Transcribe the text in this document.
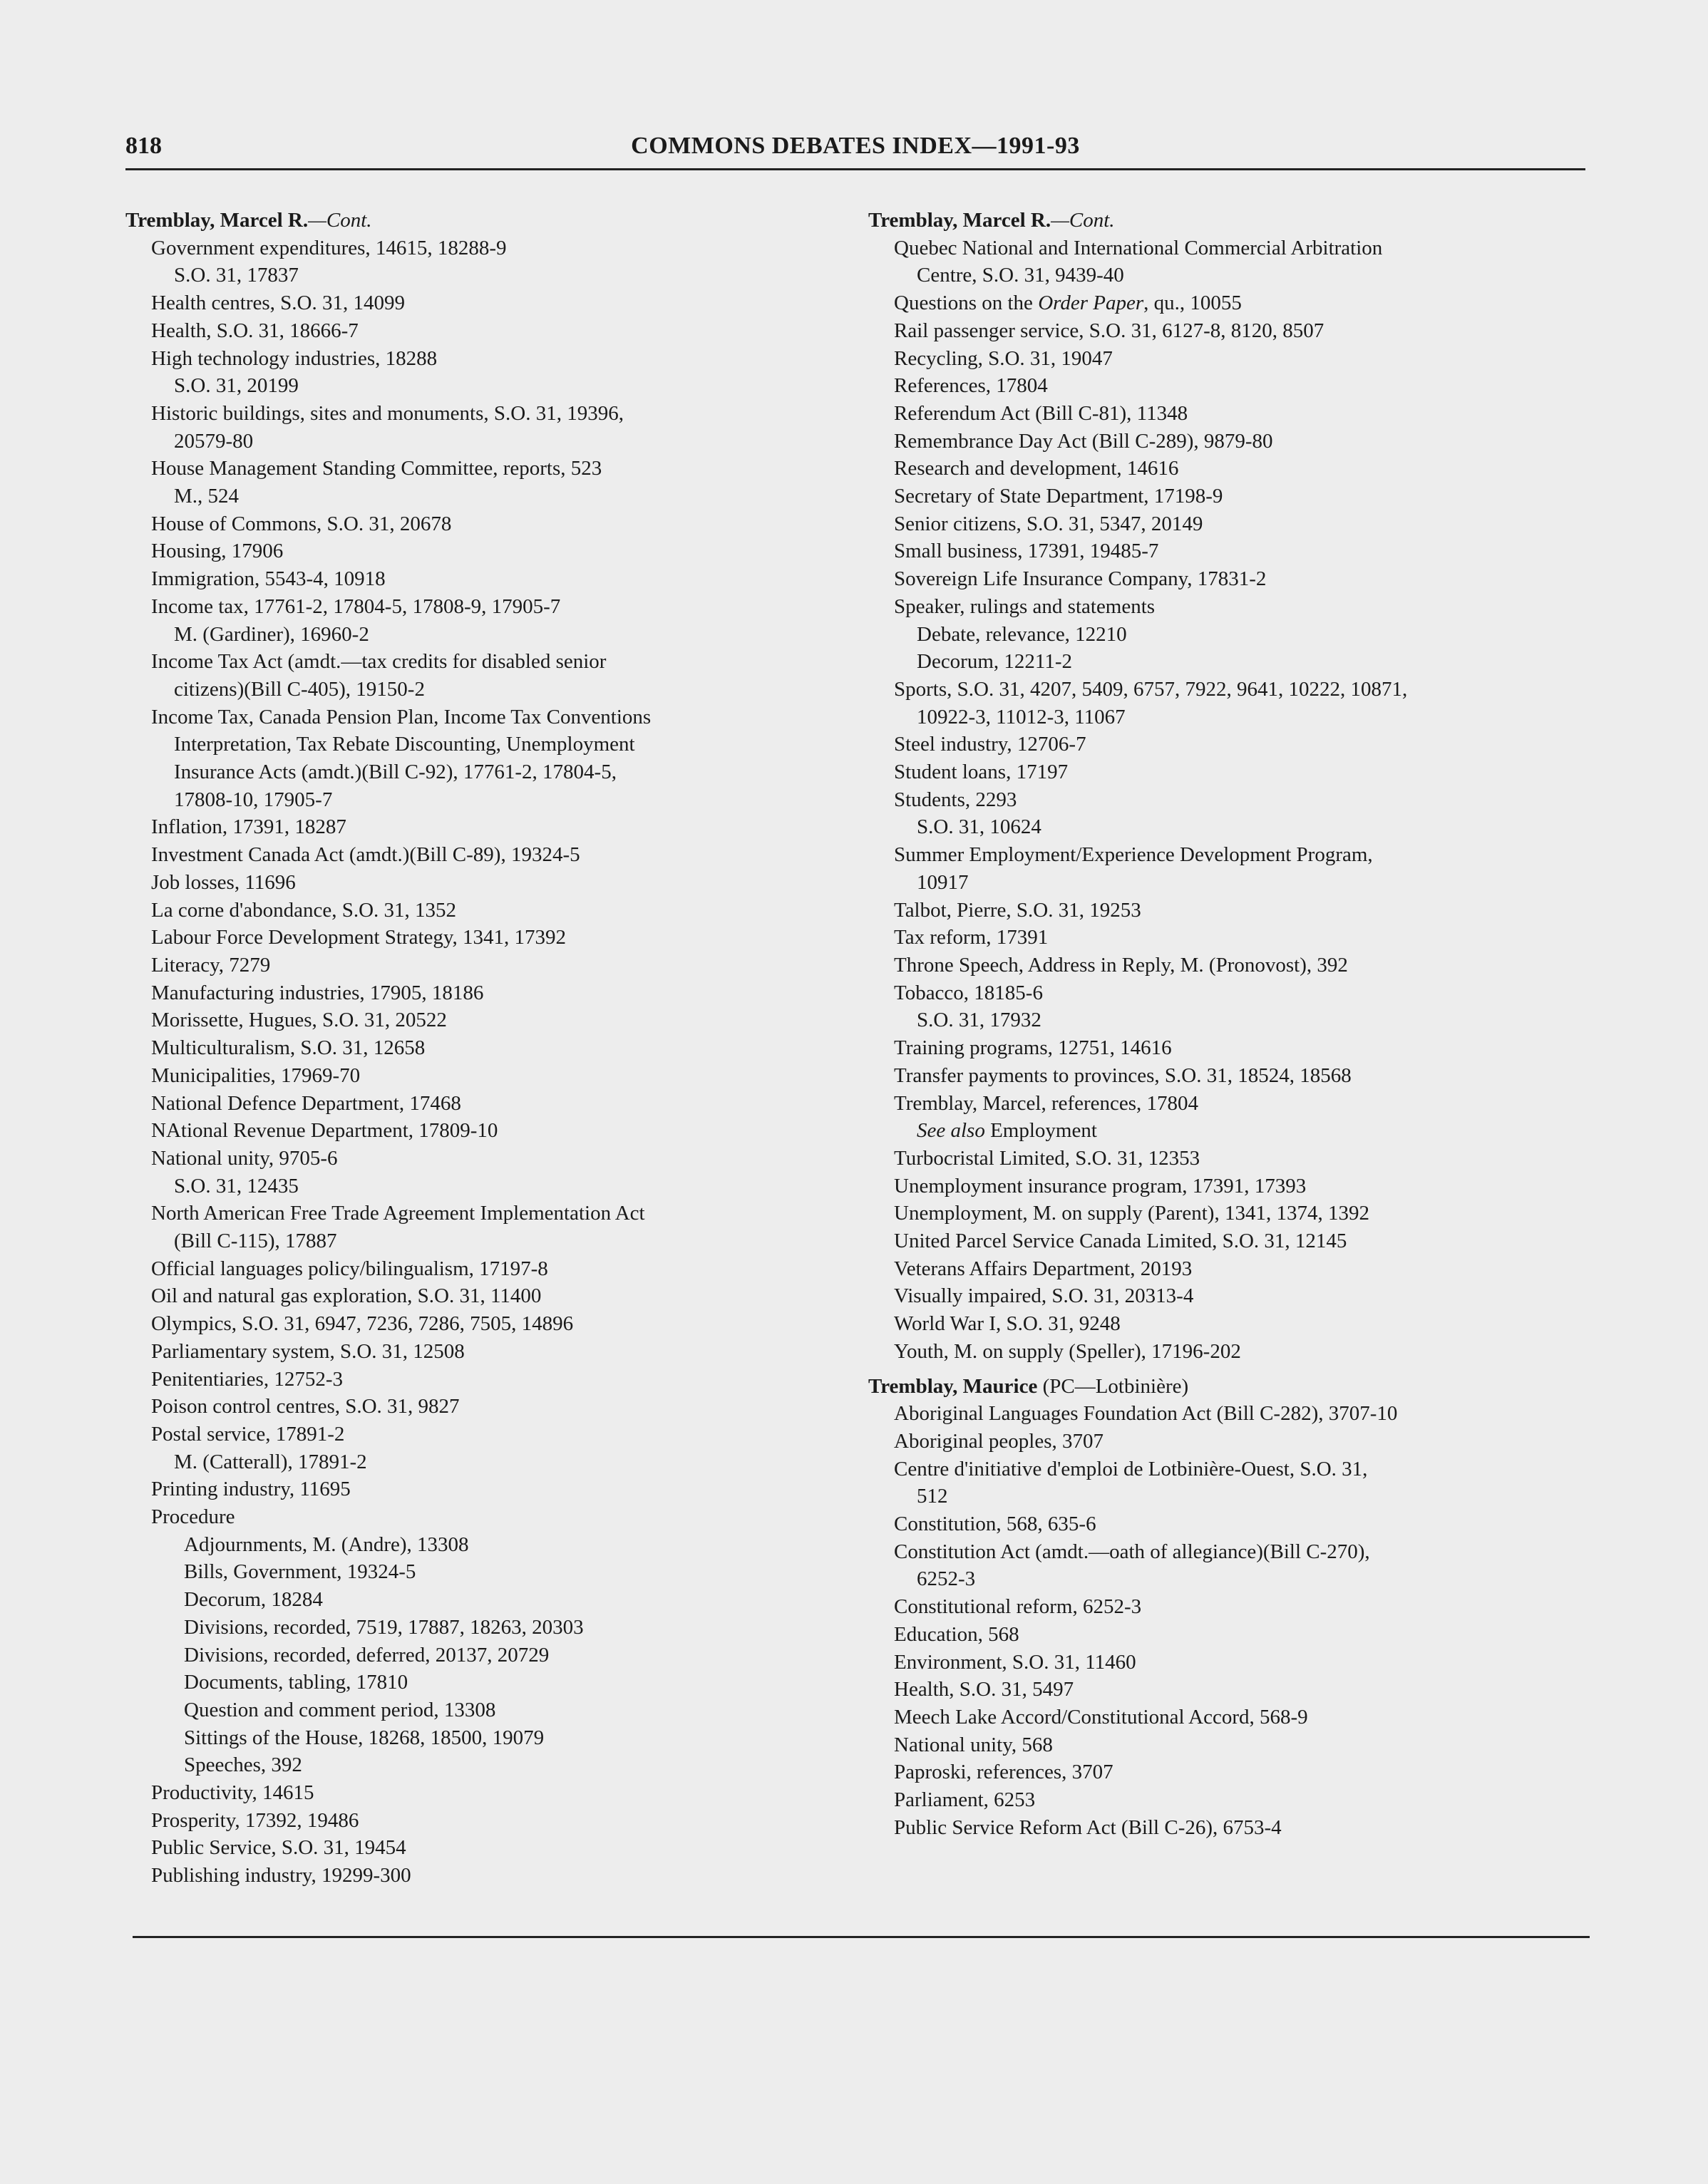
818	COMMONS DEBATES INDEX—1991-93
Tremblay, Marcel R.—Cont.
Government expenditures, 14615, 18288-9
S.O. 31, 17837
Health centres, S.O. 31, 14099
Health, S.O. 31, 18666-7
High technology industries, 18288
S.O. 31, 20199
Historic buildings, sites and monuments, S.O. 31, 19396,
20579-80
House Management Standing Committee, reports, 523
M., 524
House of Commons, S.O. 31, 20678
Housing, 17906
Immigration, 5543-4, 10918
Income tax, 17761-2, 17804-5, 17808-9, 17905-7
M. (Gardiner), 16960-2
Income Tax Act (amdt.—tax credits for disabled senior
citizens)(Bill C-405), 19150-2
Income Tax, Canada Pension Plan, Income Tax Conventions
Interpretation, Tax Rebate Discounting, Unemployment
Insurance Acts (amdt.)(Bill C-92), 17761-2, 17804-5,
17808-10, 17905-7
Inflation, 17391, 18287
Investment Canada Act (amdt.)(Bill C-89), 19324-5
Job losses, 11696
La corne d'abondance, S.O. 31, 1352
Labour Force Development Strategy, 1341, 17392
Literacy, 7279
Manufacturing industries, 17905, 18186
Morissette, Hugues, S.O. 31, 20522
Multiculturalism, S.O. 31, 12658
Municipalities, 17969-70
National Defence Department, 17468
NAtional Revenue Department, 17809-10
National unity, 9705-6
S.O. 31, 12435
North American Free Trade Agreement Implementation Act
(Bill C-115), 17887
Official languages policy/bilingualism, 17197-8
Oil and natural gas exploration, S.O. 31, 11400
Olympics, S.O. 31, 6947, 7236, 7286, 7505, 14896
Parliamentary system, S.O. 31, 12508
Penitentiaries, 12752-3
Poison control centres, S.O. 31, 9827
Postal service, 17891-2
M. (Catterall), 17891-2
Printing industry, 11695
Procedure
Adjournments, M. (Andre), 13308
Bills, Government, 19324-5
Decorum, 18284
Divisions, recorded, 7519, 17887, 18263, 20303
Divisions, recorded, deferred, 20137, 20729
Documents, tabling, 17810
Question and comment period, 13308
Sittings of the House, 18268, 18500, 19079
Speeches, 392
Productivity, 14615
Prosperity, 17392, 19486
Public Service, S.O. 31, 19454
Publishing industry, 19299-300
Tremblay, Marcel R.—Cont.
Quebec National and International Commercial Arbitration
Centre, S.O. 31, 9439-40
Questions on the Order Paper, qu., 10055
Rail passenger service, S.O. 31, 6127-8, 8120, 8507
Recycling, S.O. 31, 19047
References, 17804
Referendum Act (Bill C-81), 11348
Remembrance Day Act (Bill C-289), 9879-80
Research and development, 14616
Secretary of State Department, 17198-9
Senior citizens, S.O. 31, 5347, 20149
Small business, 17391, 19485-7
Sovereign Life Insurance Company, 17831-2
Speaker, rulings and statements
Debate, relevance, 12210
Decorum, 12211-2
Sports, S.O. 31, 4207, 5409, 6757, 7922, 9641, 10222, 10871,
10922-3, 11012-3, 11067
Steel industry, 12706-7
Student loans, 17197
Students, 2293
S.O. 31, 10624
Summer Employment/Experience Development Program,
10917
Talbot, Pierre, S.O. 31, 19253
Tax reform, 17391
Throne Speech, Address in Reply, M. (Pronovost), 392
Tobacco, 18185-6
S.O. 31, 17932
Training programs, 12751, 14616
Transfer payments to provinces, S.O. 31, 18524, 18568
Tremblay, Marcel, references, 17804
See also Employment
Turbocristal Limited, S.O. 31, 12353
Unemployment insurance program, 17391, 17393
Unemployment, M. on supply (Parent), 1341, 1374, 1392
United Parcel Service Canada Limited, S.O. 31, 12145
Veterans Affairs Department, 20193
Visually impaired, S.O. 31, 20313-4
World War I, S.O. 31, 9248
Youth, M. on supply (Speller), 17196-202
Tremblay, Maurice (PC—Lotbinière)
Aboriginal Languages Foundation Act (Bill C-282), 3707-10
Aboriginal peoples, 3707
Centre d'initiative d'emploi de Lotbinière-Ouest, S.O. 31,
512
Constitution, 568, 635-6
Constitution Act (amdt.—oath of allegiance)(Bill C-270),
6252-3
Constitutional reform, 6252-3
Education, 568
Environment, S.O. 31, 11460
Health, S.O. 31, 5497
Meech Lake Accord/Constitutional Accord, 568-9
National unity, 568
Paproski, references, 3707
Parliament, 6253
Public Service Reform Act (Bill C-26), 6753-4
